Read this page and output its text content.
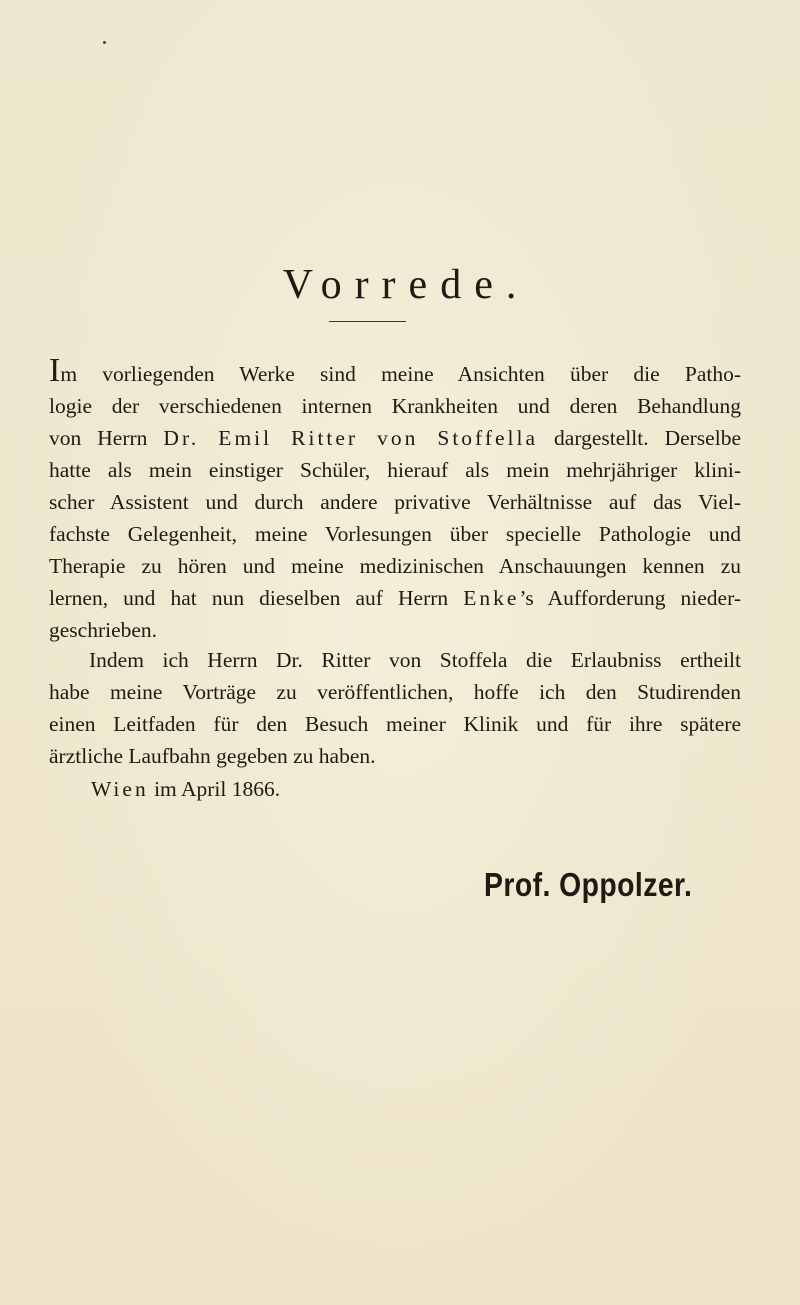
Vorrede.
Im vorliegenden Werke sind meine Ansichten über die Patho-
logie der verschiedenen internen Krankheiten und deren Behandlung
von Herrn Dr. Emil Ritter von Stoffella dargestellt. Derselbe
hatte als mein einstiger Schüler, hierauf als mein mehrjähriger klini-
scher Assistent und durch andere privative Verhältnisse auf das Viel-
fachste Gelegenheit, meine Vorlesungen über specielle Pathologie und
Therapie zu hören und meine medizinischen Anschauungen kennen zu
lernen, und hat nun dieselben auf Herrn Enke’s Aufforderung nieder-
geschrieben.
Indem ich Herrn Dr. Ritter von Stoffela die Erlaubniss ertheilt
habe meine Vorträge zu veröffentlichen, hoffe ich den Studirenden
einen Leitfaden für den Besuch meiner Klinik und für ihre spätere
ärztliche Laufbahn gegeben zu haben.
Wien im April 1866.
Prof. Oppolzer.
